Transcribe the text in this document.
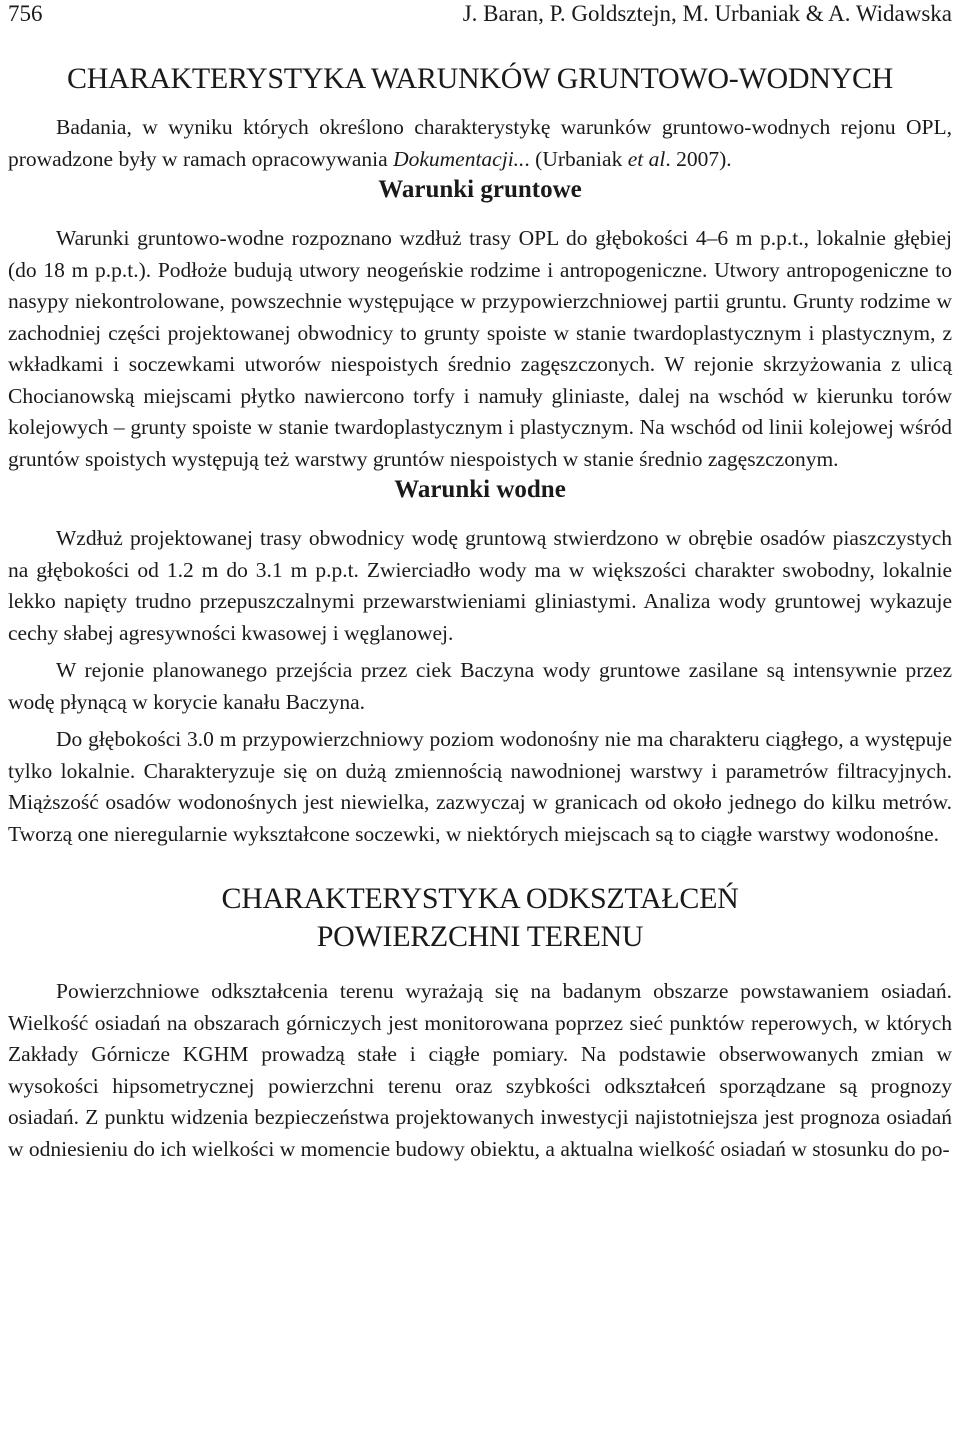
756	J. Baran, P. Goldsztejn, M. Urbaniak & A. Widawska
CHARAKTERYSTYKA WARUNKÓW GRUNTOWO-WODNYCH

Badania, w wyniku których określono charakterystykę warunków gruntowo-wodnych rejonu OPL, prowadzone były w ramach opracowywania Dokumentacji... (Urbaniak et al. 2007).

Warunki gruntowe

Warunki gruntowo-wodne rozpoznano wzdłuż trasy OPL do głębokości 4–6 m p.p.t., lokalnie głębiej (do 18 m p.p.t.). Podłoże budują utwory neogeńskie rodzime i antropogeniczne. Utwory antropogeniczne to nasypy niekontrolowane, powszechnie występujące w przypowierzchniowej partii gruntu. Grunty rodzime w zachodniej części projektowanej obwodnicy to grunty spoiste w stanie twardoplastycznym i plastycznym, z wkładkami i soczewkami utworów niespoistych średnio zagęszczonych. W rejonie skrzyżowania z ulicą Chocianowską miejscami płytko nawiercono torfy i namuły gliniaste, dalej na wschód w kierunku torów kolejowych – grunty spoiste w stanie twardoplastycznym i plastycznym. Na wschód od linii kolejowej wśród gruntów spoistych występują też warstwy gruntów niespoistych w stanie średnio zagęszczonym.

Warunki wodne

Wzdłuż projektowanej trasy obwodnicy wodę gruntową stwierdzono w obrębie osadów piaszczystych na głębokości od 1.2 m do 3.1 m p.p.t. Zwierciadło wody ma w większości charakter swobodny, lokalnie lekko napięty trudno przepuszczalnymi przewarstwieniami gliniastymi. Analiza wody gruntowej wykazuje cechy słabej agresywności kwasowej i węglanowej.

W rejonie planowanego przejścia przez ciek Baczyna wody gruntowe zasilane są intensywnie przez wodę płynącą w korycie kanału Baczyna.

Do głębokości 3.0 m przypowierzchniowy poziom wodonośny nie ma charakteru ciągłego, a występuje tylko lokalnie. Charakteryzuje się on dużą zmiennością nawodnionej warstwy i parametrów filtracyjnych. Miąższość osadów wodonośnych jest niewielka, zazwyczaj w granicach od około jednego do kilku metrów. Tworzą one nieregularnie wykształcone soczewki, w niektórych miejscach są to ciągłe warstwy wodonośne.

CHARAKTERYSTYKA ODKSZTAŁCEŃ
POWIERZCHNI TERENU

Powierzchniowe odkształcenia terenu wyrażają się na badanym obszarze powstawaniem osiadań. Wielkość osiadań na obszarach górniczych jest monitorowana poprzez sieć punktów reperowych, w których Zakłady Górnicze KGHM prowadzą stałe i ciągłe pomiary. Na podstawie obserwowanych zmian w wysokości hipsometrycznej powierzchni terenu oraz szybkości odkształceń sporządzane są prognozy osiadań. Z punktu widzenia bezpieczeństwa projektowanych inwestycji najistotniejsza jest prognoza osiadań w odniesieniu do ich wielkości w momencie budowy obiektu, a aktualna wielkość osiadań w stosunku do po-
